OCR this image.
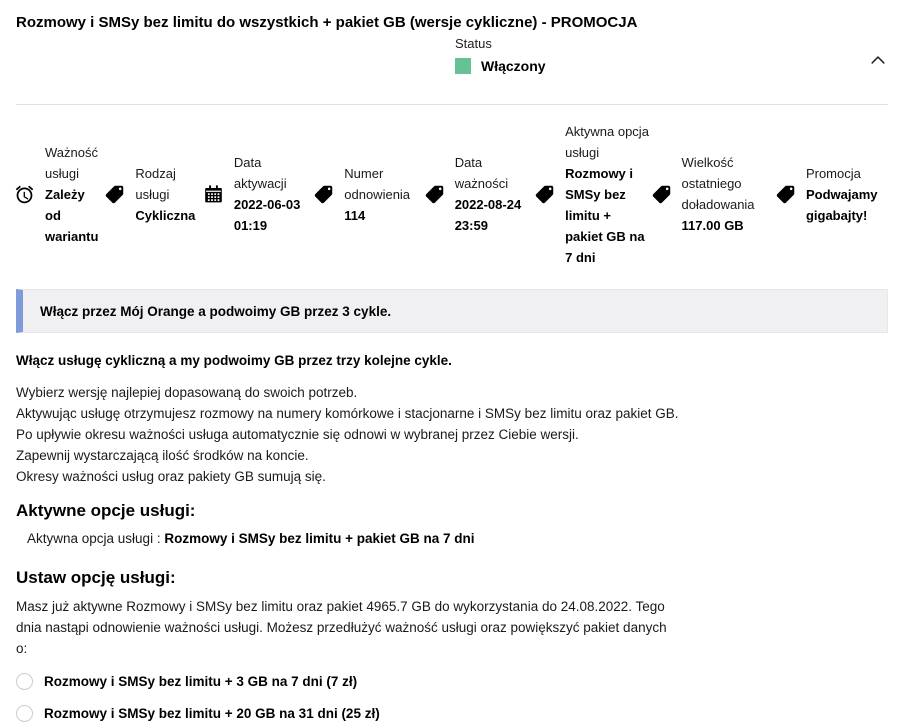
Rozmowy i SMSy bez limitu do wszystkich + pakiet GB (wersje cykliczne) - PROMOCJA
Status
Włączony
Ważność usługi
Zależy od wariantu
Rodzaj usługi
Cykliczna
Data aktywacji
2022-06-03 01:19
Numer odnowienia
114
Data ważności
2022-08-24 23:59
Aktywna opcja usługi
Rozmowy i SMSy bez limitu + pakiet GB na 7 dni
Wielkość ostatniego doładowania
117.00 GB
Promocja
Podwajamy gigabajty!
Włącz przez Mój Orange a podwoimy GB przez 3 cykle.
Włącz usługę cykliczną a my podwoimy GB przez trzy kolejne cykle.
Wybierz wersję najlepiej dopasowaną do swoich potrzeb.
Aktywując usługę otrzymujesz rozmowy na numery komórkowe i stacjonarne i SMSy bez limitu oraz pakiet GB.
Po upływie okresu ważności usługa automatycznie się odnowi w wybranej przez Ciebie wersji.
Zapewnij wystarczającą ilość środków na koncie.
Okresy ważności usług oraz pakiety GB sumują się.
Aktywne opcje usługi:
Aktywna opcja usługi : Rozmowy i SMSy bez limitu + pakiet GB na 7 dni
Ustaw opcję usługi:
Masz już aktywne Rozmowy i SMSy bez limitu oraz pakiet 4965.7 GB do wykorzystania do 24.08.2022. Tego dnia nastąpi odnowienie ważności usługi. Możesz przedłużyć ważność usługi oraz powiększyć pakiet danych o:
Rozmowy i SMSy bez limitu + 3 GB na 7 dni (7 zł)
Rozmowy i SMSy bez limitu + 20 GB na 31 dni (25 zł)
